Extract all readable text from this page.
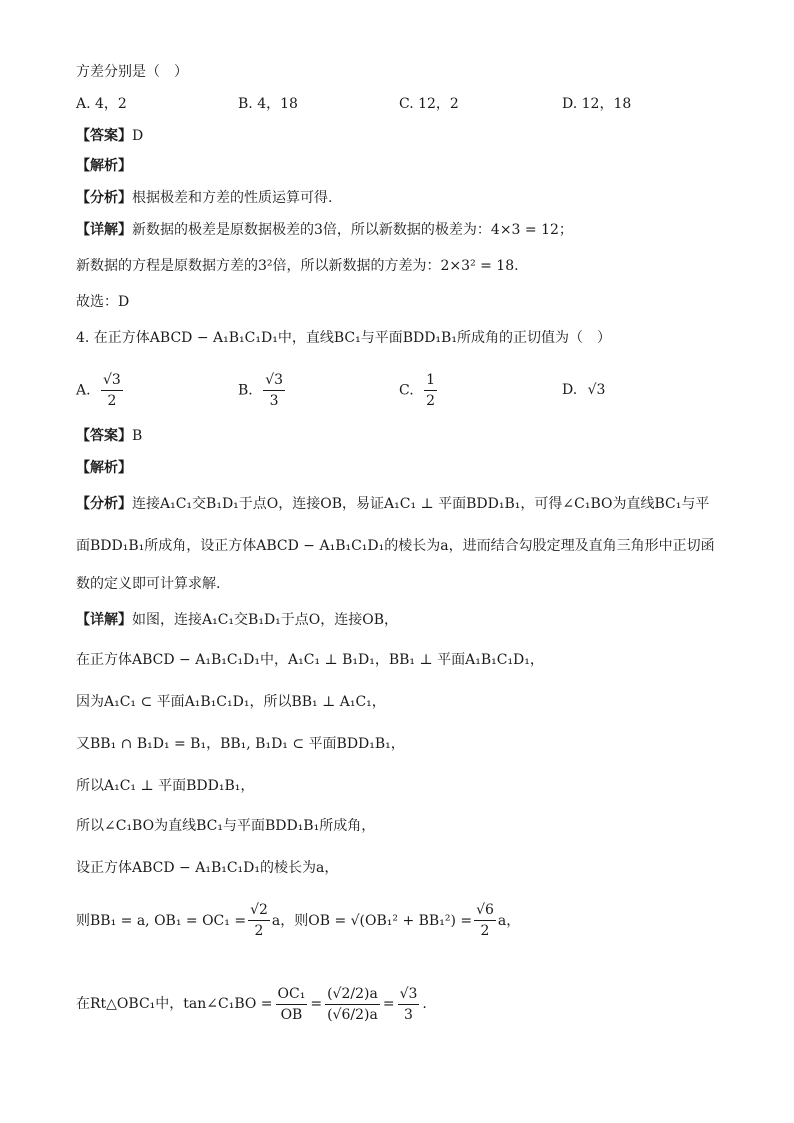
方差分别是（　）
A. 4，2	B. 4，18	C. 12，2	D. 12，18
【答案】D
【解析】
【分析】根据极差和方差的性质运算可得.
【详解】新数据的极差是原数据极差的3倍，所以新数据的极差为：4×3 = 12；
新数据的方程是原数据方差的3²倍，所以新数据的方差为：2×3² = 18.
故选：D
4. 在正方体ABCD − A₁B₁C₁D₁中，直线BC₁与平面BDD₁B₁所成角的正切值为（　）
A. $\frac{√3}{2}$	B. $\frac{√3}{3}$	C. $\frac{1}{2}$	D. √3
【答案】B
【解析】
【分析】连接A₁C₁交B₁D₁于点O，连接OB，易证A₁C₁ ⊥ 平面BDD₁B₁，可得∠C₁BO为直线BC₁与平
面BDD₁B₁所成角，设正方体ABCD − A₁B₁C₁D₁的棱长为a，进而结合勾股定理及直角三角形中正切函
数的定义即可计算求解.
【详解】如图，连接A₁C₁交B₁D₁于点O，连接OB，
在正方体ABCD − A₁B₁C₁D₁中，A₁C₁ ⊥ B₁D₁，BB₁ ⊥ 平面A₁B₁C₁D₁，
因为A₁C₁ ⊂ 平面A₁B₁C₁D₁，所以BB₁ ⊥ A₁C₁，
又BB₁ ∩ B₁D₁ = B₁，BB₁, B₁D₁ ⊂ 平面BDD₁B₁，
所以A₁C₁ ⊥ 平面BDD₁B₁，
所以∠C₁BO为直线BC₁与平面BDD₁B₁所成角，
设正方体ABCD − A₁B₁C₁D₁的棱长为a，
则BB₁ = a, $OB_1 = OC_1 = \frac{√2}{2}$ a，则OB = $√(OB_1^2 + BB_1^2) = \frac{√6}{2}$ a，
在Rt△OBC₁中，tan∠C₁BO = $\frac{\text{OC₁}}{OB} = \frac{(√2/2)a}{(√6/2)a} = \frac{√3}{3}$ .
